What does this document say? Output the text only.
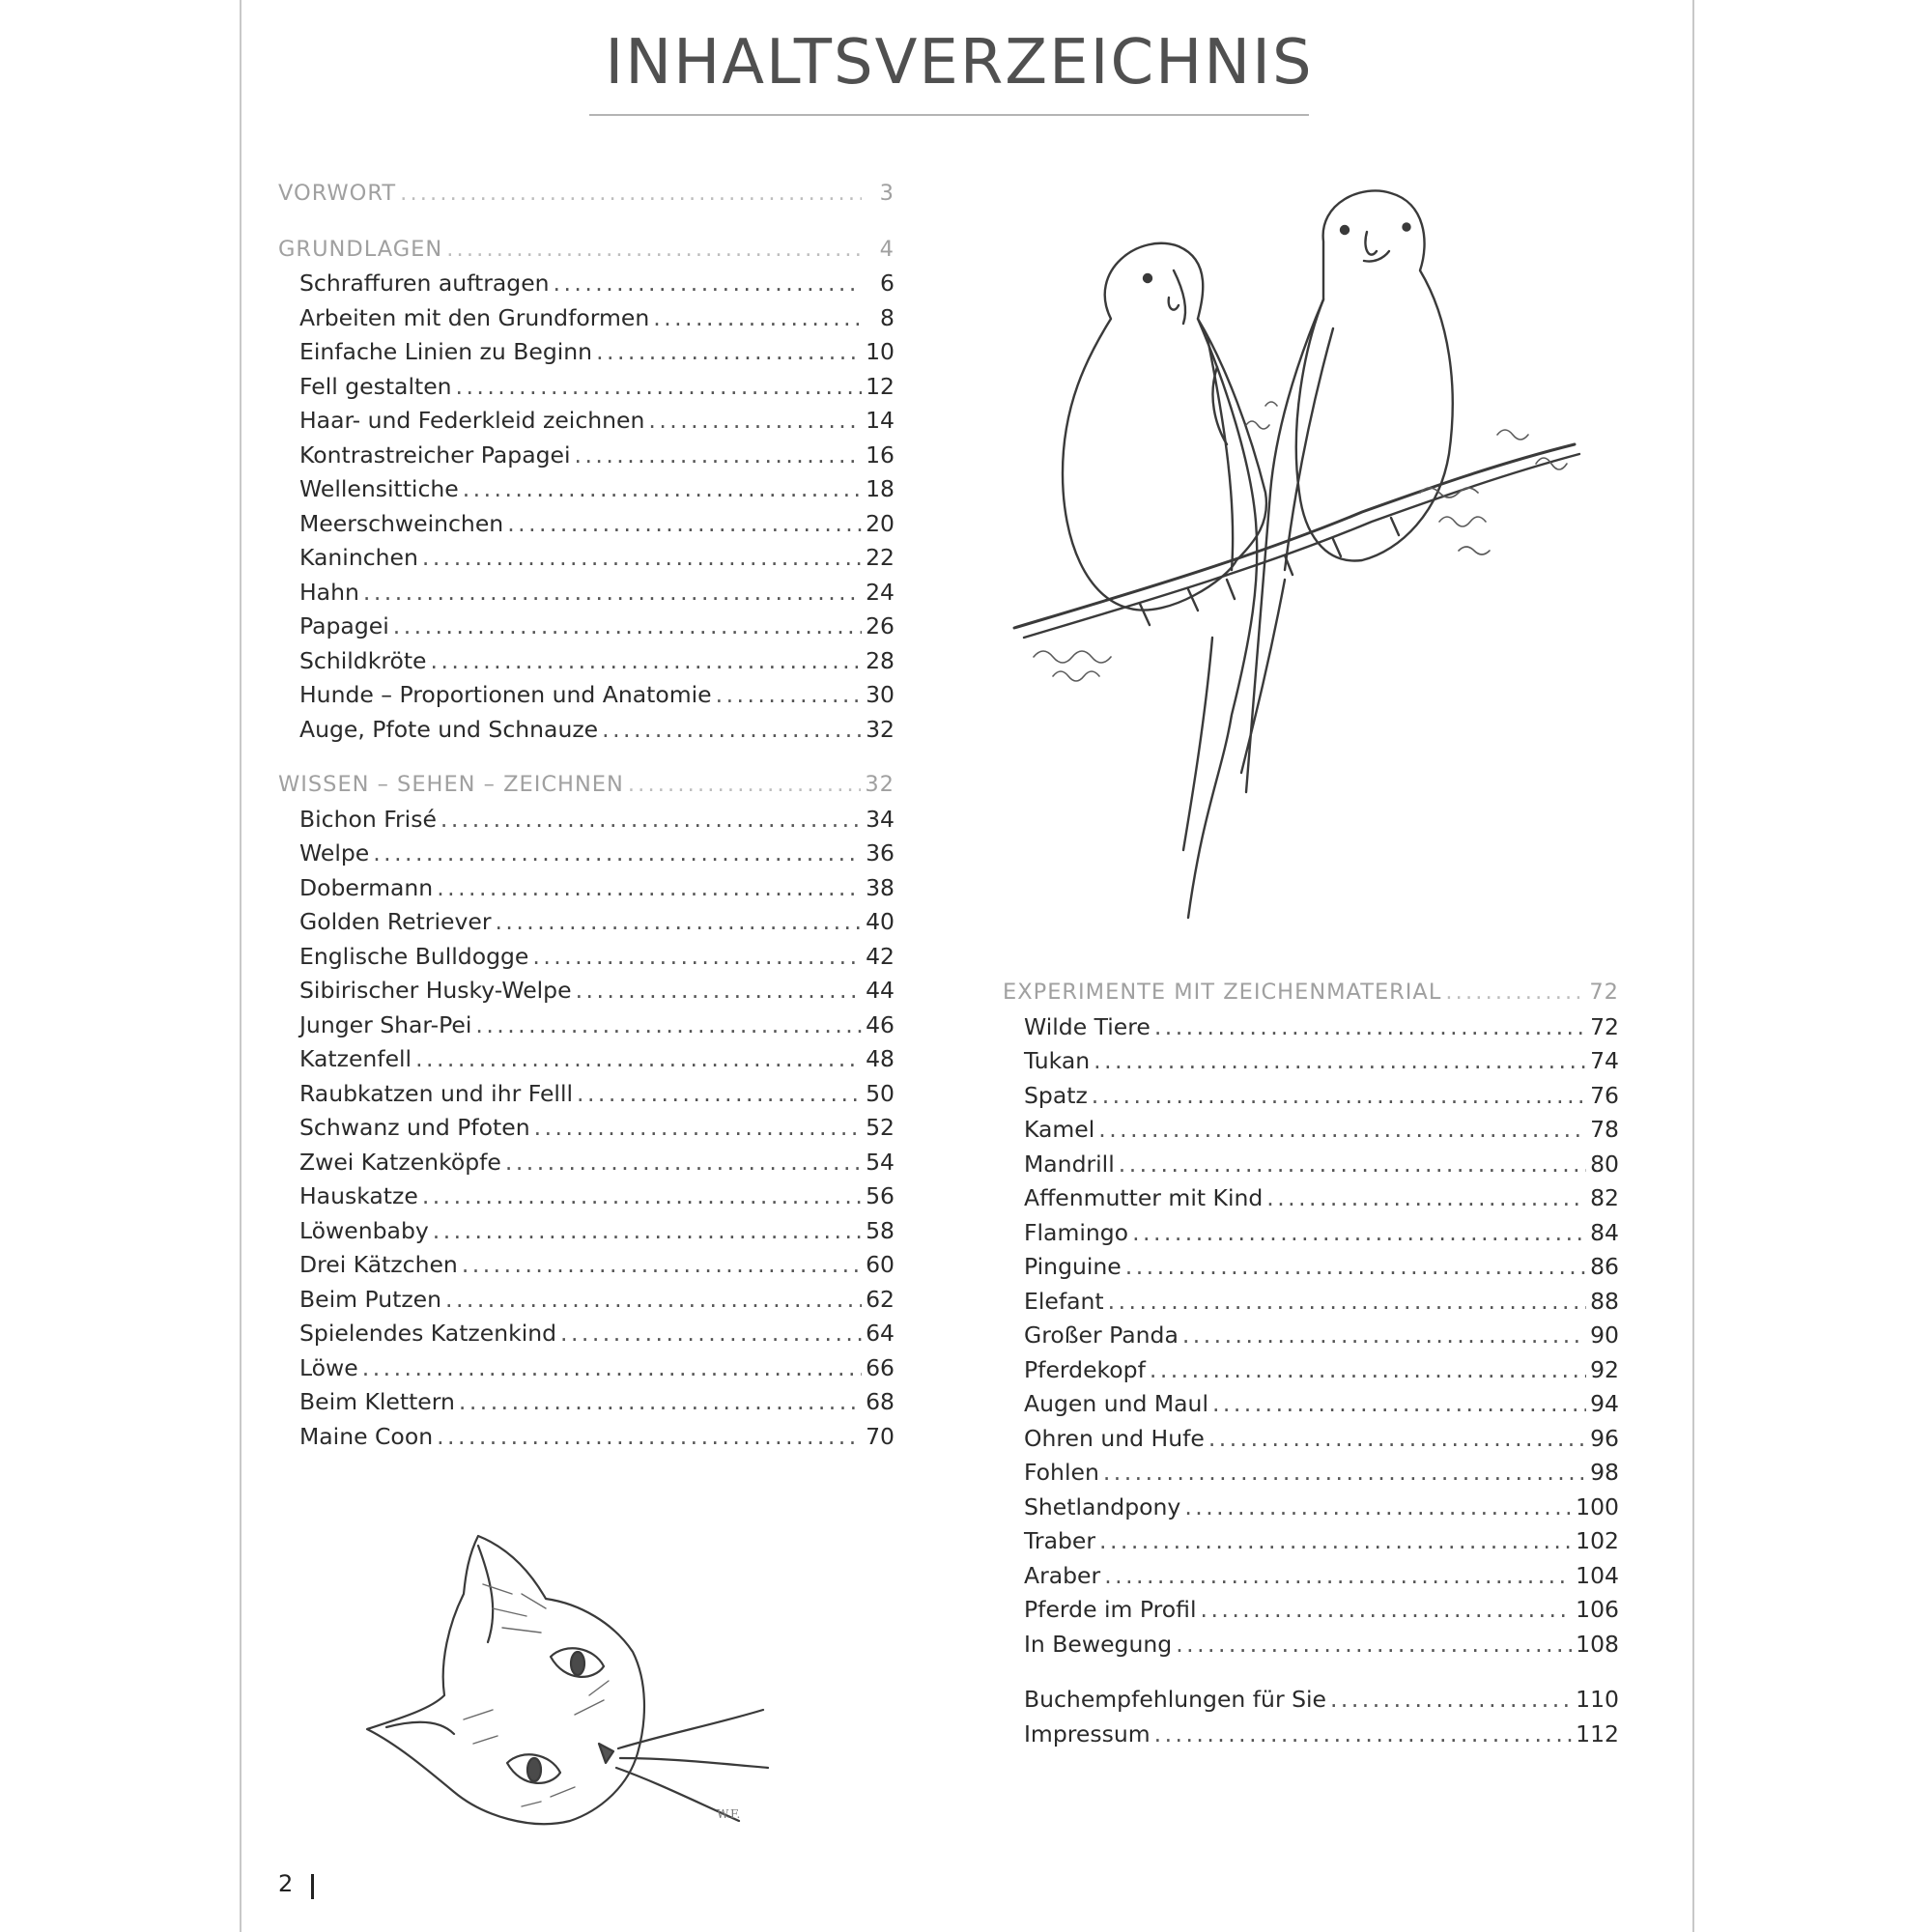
INHALTSVERZEICHNIS
VORWORT . . .	3
GRUNDLAGEN . . .	4
Schraffuren auftragen . . .	6
Arbeiten mit den Grundformen . . .	8
Einfache Linien zu Beginn . . .	10
Fell gestalten . . .	12
Haar- und Federkleid zeichnen . . .	14
Kontrastreicher Papagei . . .	16
Wellensittiche . . .	18
Meerschweinchen . . .	20
Kaninchen . . .	22
Hahn . . .	24
Papagei . . .	26
Schildkröte . . .	28
Hunde – Proportionen und Anatomie . . .	30
Auge, Pfote und Schnauze . . .	32
WISSEN – SEHEN – ZEICHNEN . . .	32
Bichon Frisé . . .	34
Welpe . . .	36
Dobermann . . .	38
Golden Retriever . . .	40
Englische Bulldogge . . .	42
Sibirischer Husky-Welpe . . .	44
Junger Shar-Pei . . .	46
Katzenfell . . .	48
Raubkatzen und ihr Felll . . .	50
Schwanz und Pfoten . . .	52
Zwei Katzenköpfe . . .	54
Hauskatze . . .	56
Löwenbaby . . .	58
Drei Kätzchen . . .	60
Beim Putzen . . .	62
Spielendes Katzenkind . . .	64
Löwe . . .	66
Beim Klettern . . .	68
Maine Coon . . .	70
EXPERIMENTE MIT ZEICHENMATERIAL . . .	72
Wilde Tiere . . .	72
Tukan . . .	74
Spatz . . .	76
Kamel . . .	78
Mandrill . . .	80
Affenmutter mit Kind . . .	82
Flamingo . . .	84
Pinguine . . .	86
Elefant . . .	88
Großer Panda . . .	90
Pferdekopf . . .	92
Augen und Maul . . .	94
Ohren und Hufe . . .	96
Fohlen . . .	98
Shetlandpony . . .	100
Traber . . .	102
Araber . . .	104
Pferde im Profil . . .	106
In Bewegung . . .	108
Buchempfehlungen für Sie . . .	110
Impressum . . .	112
W.F.
2
